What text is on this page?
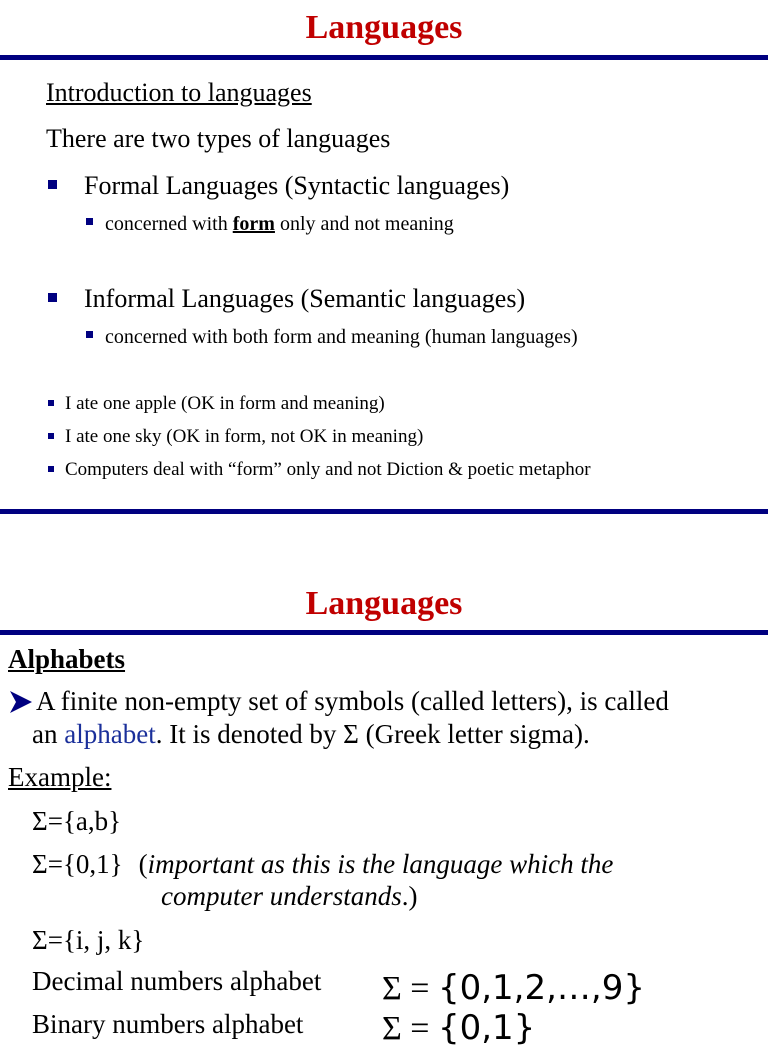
Languages
Introduction to languages
There are two types of languages
Formal Languages (Syntactic languages)
concerned with form only and not meaning
Informal Languages (Semantic languages)
concerned with both form and meaning (human languages)
I ate one apple (OK in form and meaning)
I ate one sky (OK in form, not OK in meaning)
Computers deal with “form” only and not Diction & poetic metaphor
Languages
Alphabets
A finite non-empty set of symbols (called letters), is called
an alphabet. It is denoted by Σ (Greek letter sigma).
Example:
Σ={a,b}
Σ={0,1} (important as this is the language which the
computer understands.)
Σ={i, j, k}
Decimal numbers alphabet Σ = {0,1,2,…,9}
Binary numbers alphabet Σ = {0,1}
